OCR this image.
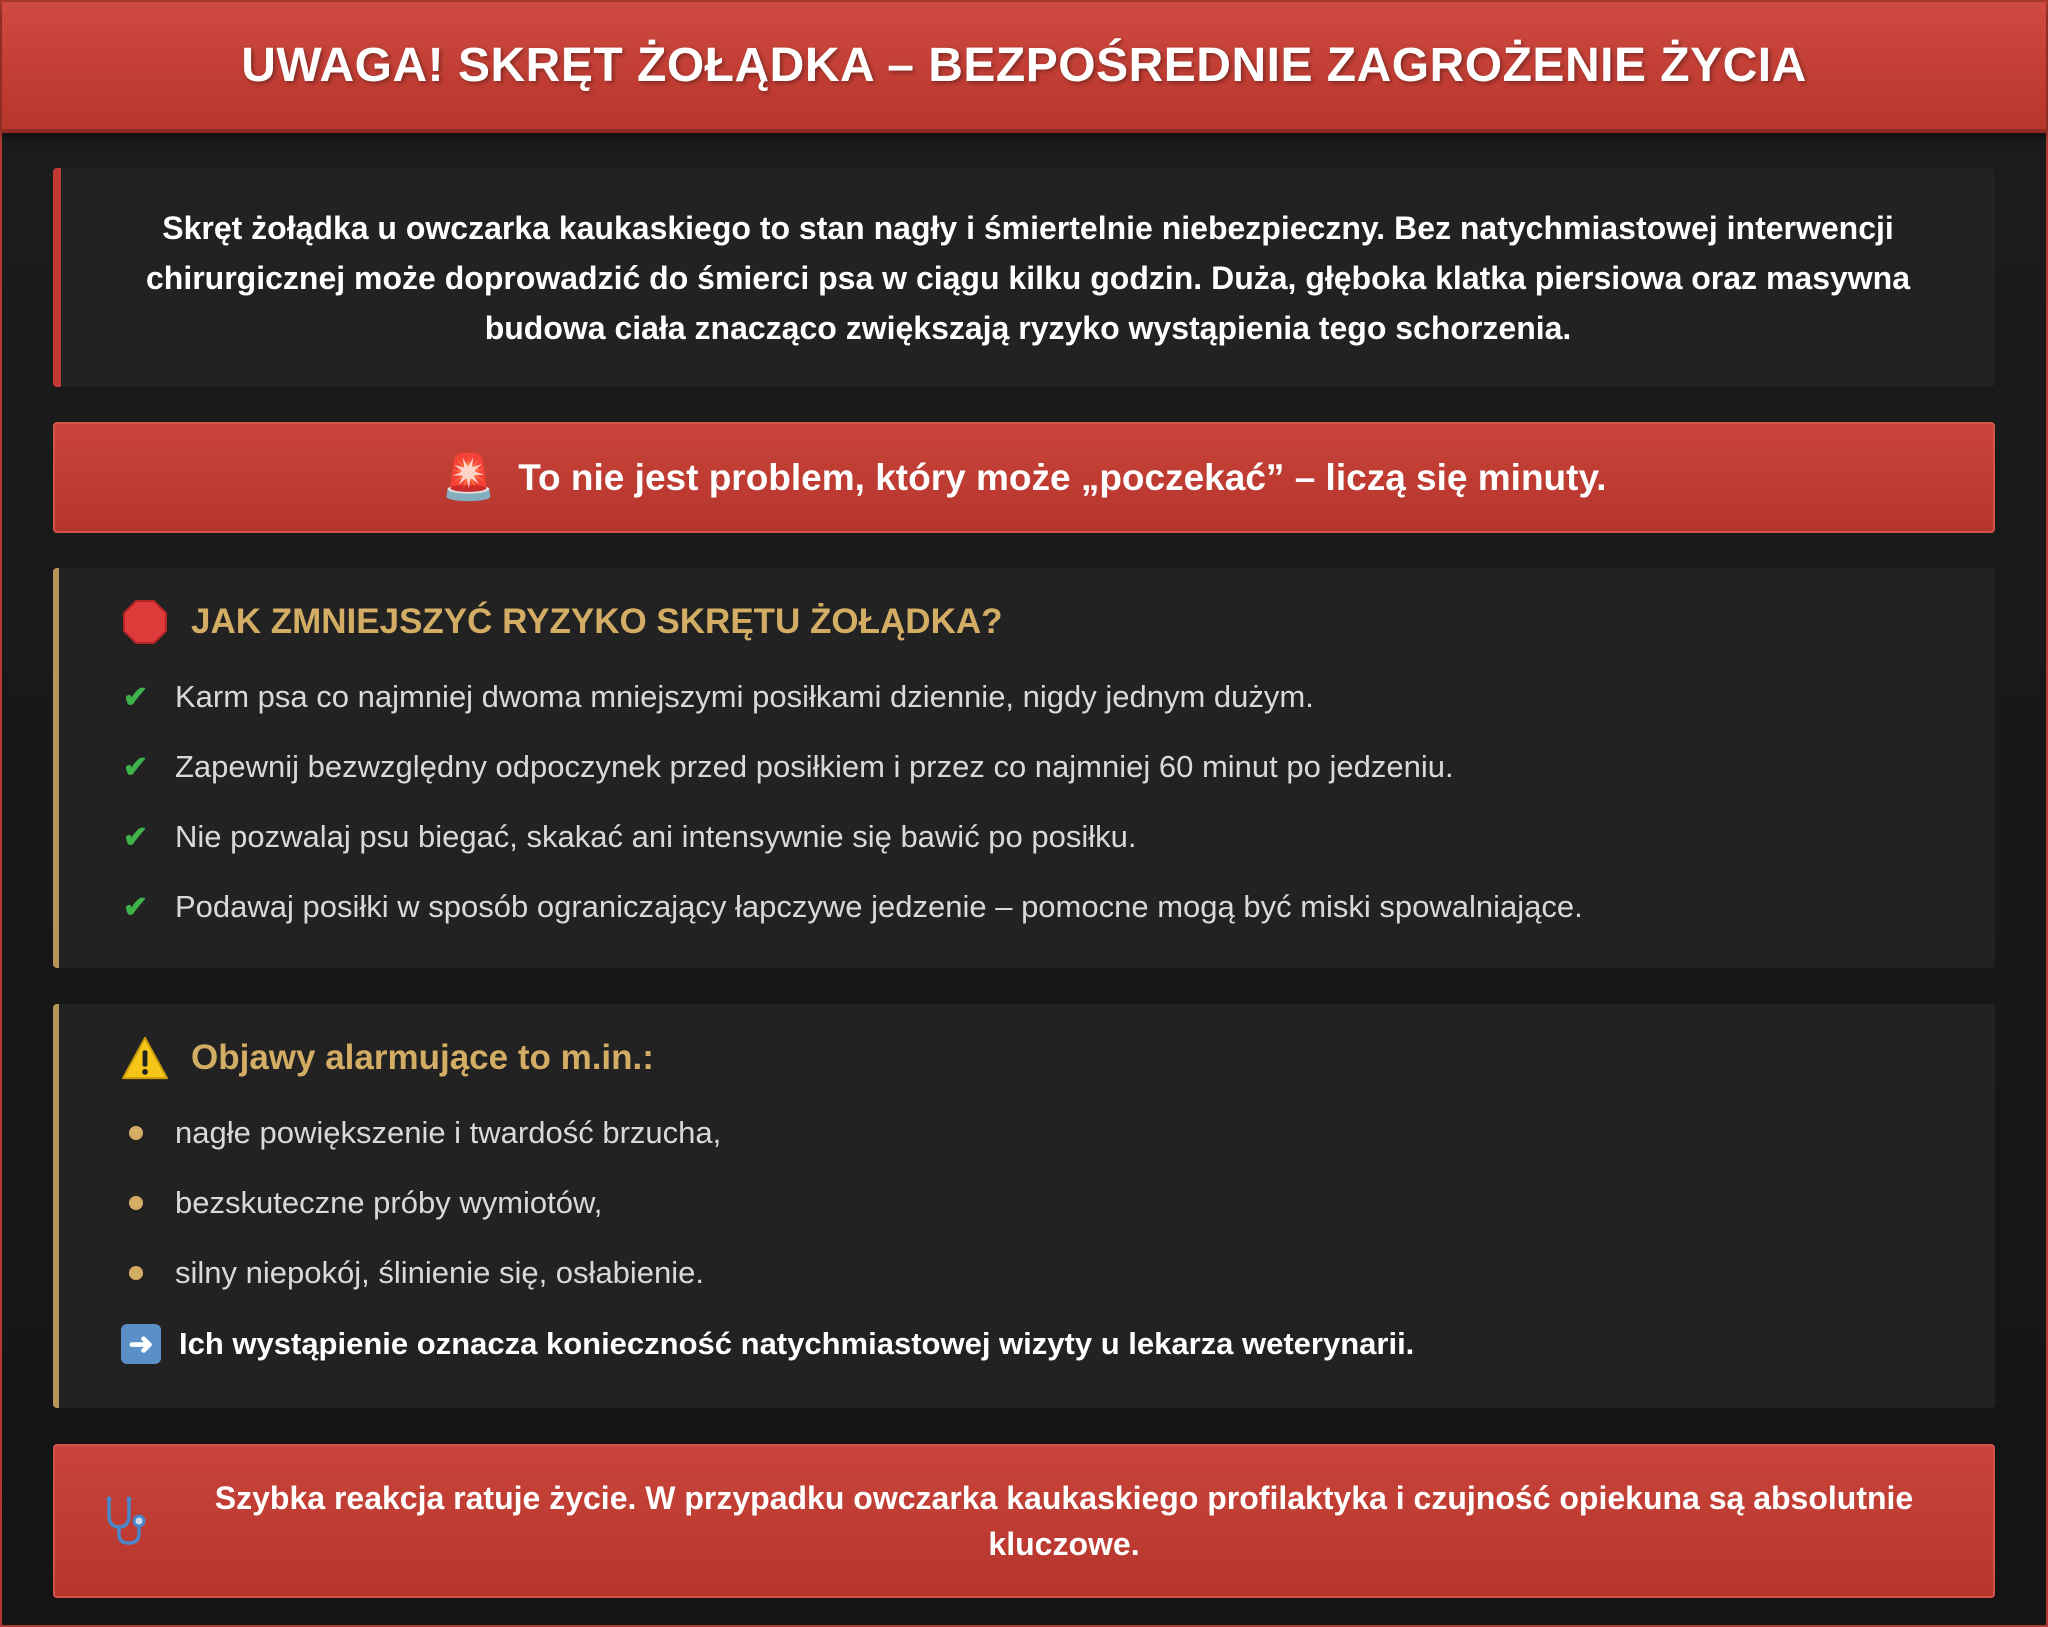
UWAGA! SKRĘT ŻOŁĄDKA – BEZPOŚREDNIE ZAGROŻENIE ŻYCIA

Skręt żołądka u owczarka kaukaskiego to stan nagły i śmiertelnie niebezpieczny. Bez natychmiastowej interwencji chirurgicznej może doprowadzić do śmierci psa w ciągu kilku godzin. Duża, głęboka klatka piersiowa oraz masywna budowa ciała znacząco zwiększają ryzyko wystąpienia tego schorzenia.

🚨 To nie jest problem, który może „poczekać” – liczą się minuty.
JAK ZMNIEJSZYĆ RYZYKO SKRĘTU ŻOŁĄDKA?
✔ Karm psa co najmniej dwoma mniejszymi posiłkami dziennie, nigdy jednym dużym.
✔ Zapewnij bezwzględny odpoczynek przed posiłkiem i przez co najmniej 60 minut po jedzeniu.
✔ Nie pozwalaj psu biegać, skakać ani intensywnie się bawić po posiłku.
✔ Podawaj posiłki w sposób ograniczający łapczywe jedzenie – pomocne mogą być miski spowalniające.
Objawy alarmujące to m.in.:
nagłe powiększenie i twardość brzucha,
bezskuteczne próby wymiotów,
silny niepokój, ślinienie się, osłabienie.
➜ Ich wystąpienie oznacza konieczność natychmiastowej wizyty u lekarza weterynarii.

Szybka reakcja ratuje życie. W przypadku owczarka kaukaskiego profilaktyka i czujność opiekuna są absolutnie kluczowe.
